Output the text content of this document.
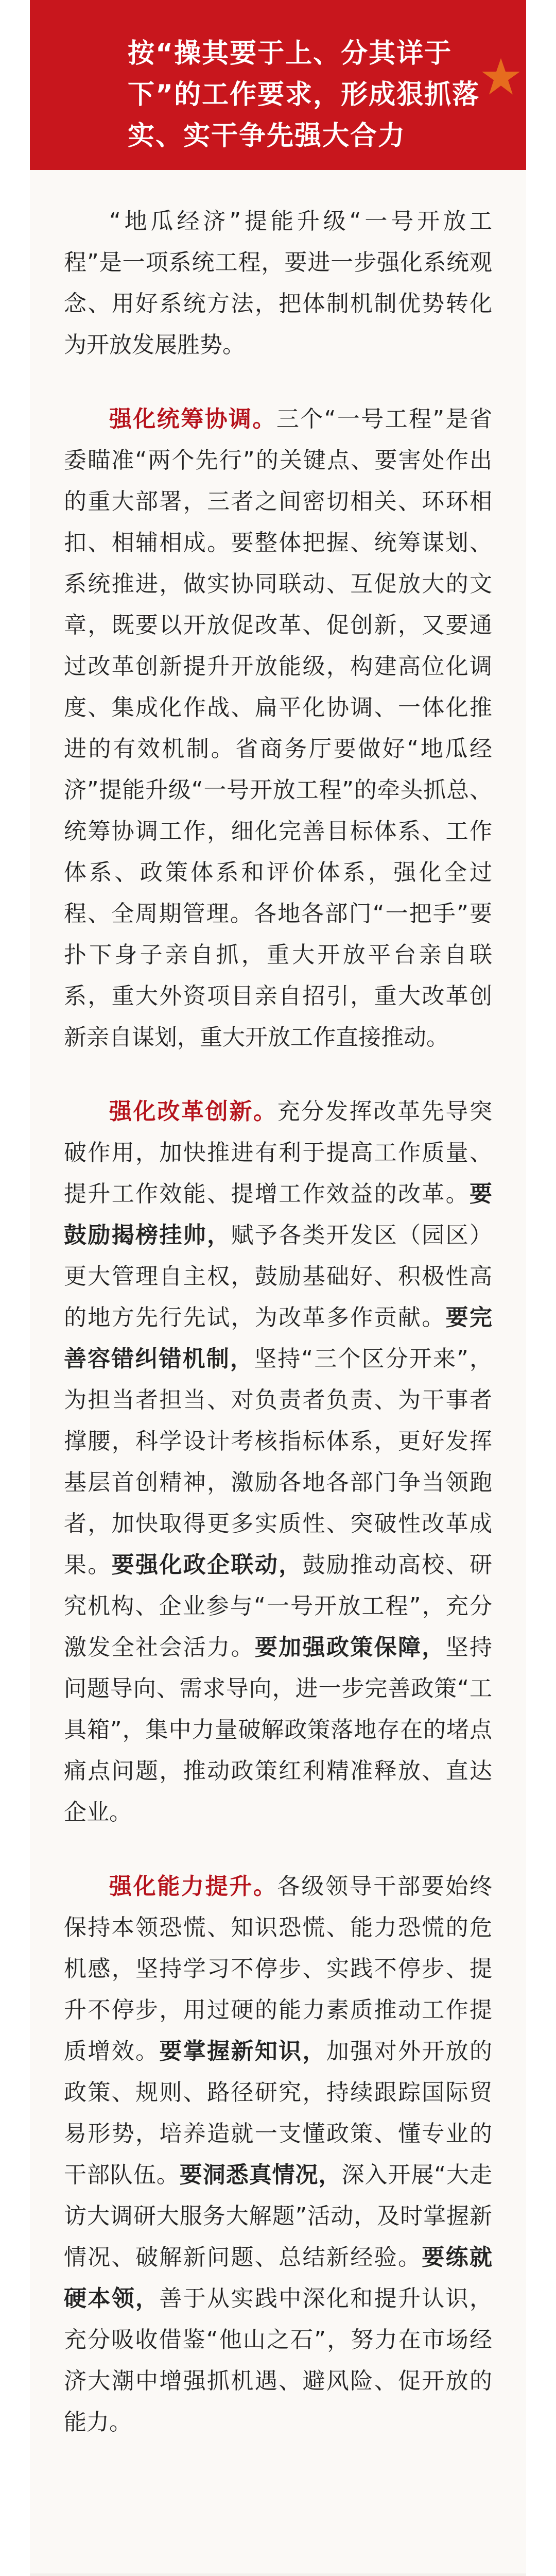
按“操其要于上、分其详于下”的工作要求，形成狠抓落实、实干争先强大合力

“地瓜经济”提能升级“一号开放工程”是一项系统工程，要进一步强化系统观念、用好系统方法，把体制机制优势转化为开放发展胜势。

强化统筹协调。三个“一号工程”是省委瞄准“两个先行”的关键点、要害处作出的重大部署，三者之间密切相关、环环相扣、相辅相成。要整体把握、统筹谋划、系统推进，做实协同联动、互促放大的文章，既要以开放促改革、促创新，又要通过改革创新提升开放能级，构建高位化调度、集成化作战、扁平化协调、一体化推进的有效机制。省商务厅要做好“地瓜经济”提能升级“一号开放工程”的牵头抓总、统筹协调工作，细化完善目标体系、工作体系、政策体系和评价体系，强化全过程、全周期管理。各地各部门“一把手”要扑下身子亲自抓，重大开放平台亲自联系，重大外资项目亲自招引，重大改革创新亲自谋划，重大开放工作直接推动。

强化改革创新。充分发挥改革先导突破作用，加快推进有利于提高工作质量、提升工作效能、提增工作效益的改革。要鼓励揭榜挂帅，赋予各类开发区（园区）更大管理自主权，鼓励基础好、积极性高的地方先行先试，为改革多作贡献。要完善容错纠错机制，坚持“三个区分开来”，为担当者担当、对负责者负责、为干事者撑腰，科学设计考核指标体系，更好发挥基层首创精神，激励各地各部门争当领跑者，加快取得更多实质性、突破性改革成果。要强化政企联动，鼓励推动高校、研究机构、企业参与“一号开放工程”，充分激发全社会活力。要加强政策保障，坚持问题导向、需求导向，进一步完善政策“工具箱”，集中力量破解政策落地存在的堵点痛点问题，推动政策红利精准释放、直达企业。

强化能力提升。各级领导干部要始终保持本领恐慌、知识恐慌、能力恐慌的危机感，坚持学习不停步、实践不停步、提升不停步，用过硬的能力素质推动工作提质增效。要掌握新知识，加强对外开放的政策、规则、路径研究，持续跟踪国际贸易形势，培养造就一支懂政策、懂专业的干部队伍。要洞悉真情况，深入开展“大走访大调研大服务大解题”活动，及时掌握新情况、破解新问题、总结新经验。要练就硬本领，善于从实践中深化和提升认识，充分吸收借鉴“他山之石”，努力在市场经济大潮中增强抓机遇、避风险、促开放的能力。
